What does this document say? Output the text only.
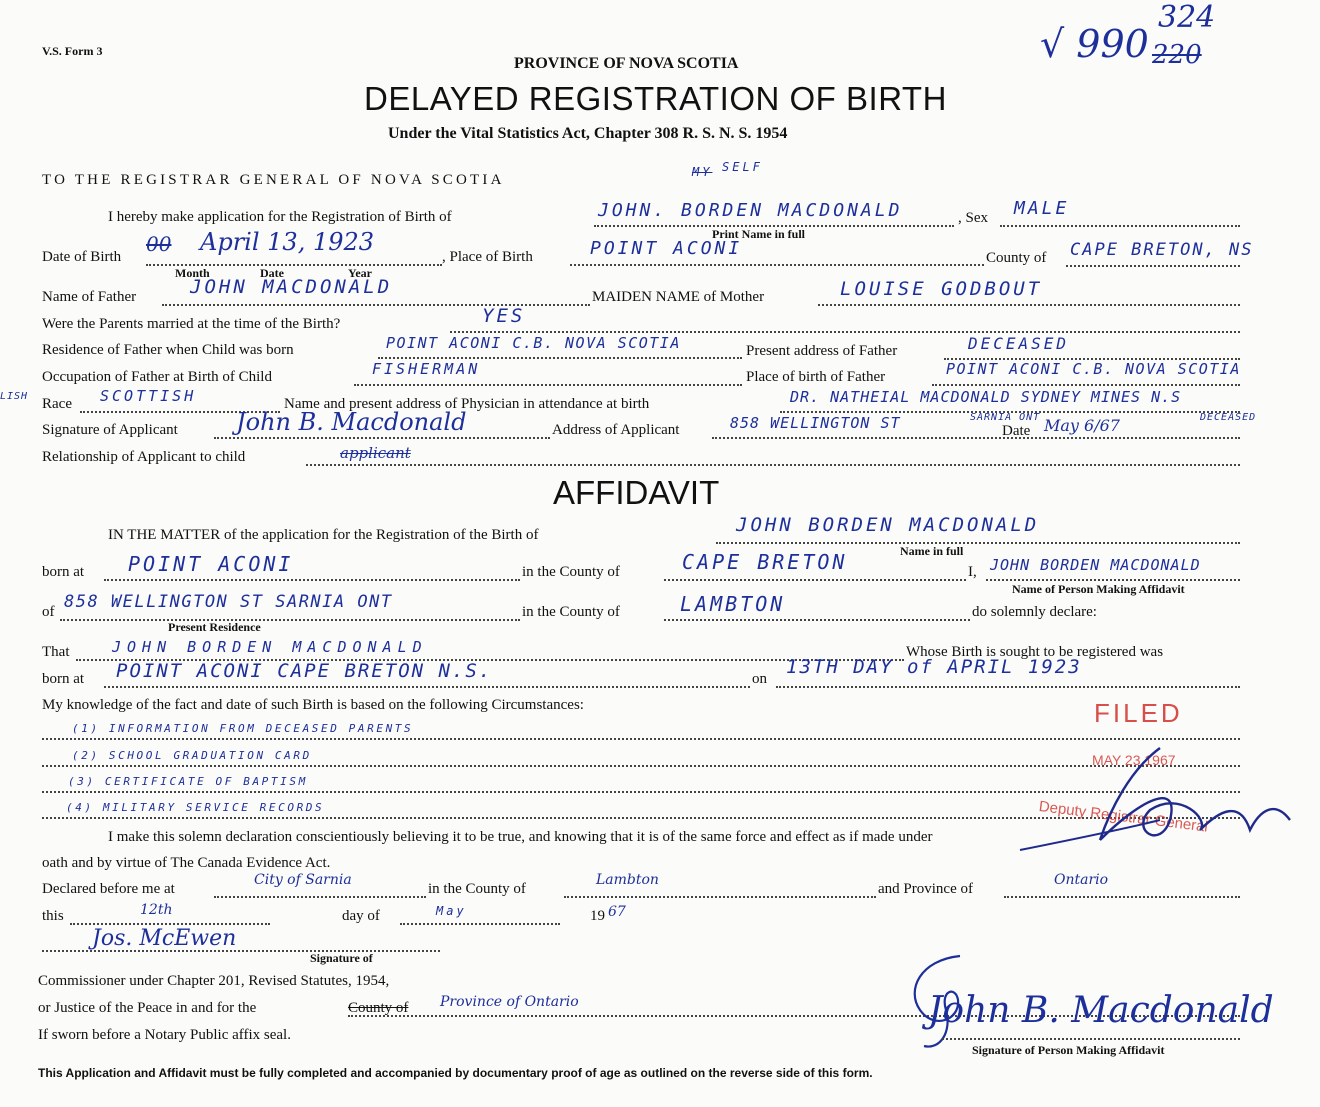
V.S. Form 3
PROVINCE OF NOVA SCOTIA
DELAYED REGISTRATION OF BIRTH
Under the Vital Statistics Act, Chapter 308 R. S. N. S. 1954
√ 990 220
324
TO THE REGISTRAR GENERAL OF NOVA SCOTIA	MY SELF
I hereby make application for the Registration of Birth of	JOHN. BORDEN MACDONALD
Print Name in full
, Sex MALE
Date of Birth
00 April 13, 1923
Month	Date	Year
, Place of Birth	POINT ACONI	County of CAPE BRETON, NS
Name of Father	JOHN MACDONALD	MAIDEN NAME of Mother	LOUISE GODBOUT
Were the Parents married at the time of the Birth?	YES
Residence of Father when Child was born	POINT ACONI C.B. NOVA SCOTIA	Present address of Father	DECEASED
Occupation of Father at Birth of Child	FISHERMAN	Place of birth of Father	POINT ACONI C.B. NOVA SCOTIA
LISH Race SCOTTISH	Name and present address of Physician in attendance at birth	DR. NATHEIAL MACDONALD SYDNEY MINES N.S
DECEASED
Signature of Applicant John B. Macdonald	Address of Applicant	858 WELLINGTON ST	SARNIA ONT
Date May 6/67
Relationship of Applicant to child	applicant
AFFIDAVIT
IN THE MATTER of the application for the Registration of the Birth of	JOHN BORDEN MACDONALD
Name in full
born at POINT ACONI	in the County of	CAPE BRETON	I, JOHN BORDEN MACDONALD
Name of Person Making Affidavit
of 858 WELLINGTON ST SARNIA ONT
Present Residence
in the County of	LAMBTON	do solemnly declare:
That	JOHN BORDEN MACDONALD	Whose Birth is sought to be registered was
born at POINT ACONI CAPE BRETON N.S.	on
13TH DAY of APRIL 1923
My knowledge of the fact and date of such Birth is based on the following Circumstances:
(1) INFORMATION FROM DECEASED PARENTS
(2) SCHOOL GRADUATION CARD
(3) CERTIFICATE OF BAPTISM
(4) MILITARY SERVICE RECORDS
FILED
MAY 23 1967
Deputy Registrar General
I make this solemn declaration conscientiously believing it to be true, and knowing that it is of the same force and effect as if made under
oath and by virtue of The Canada Evidence Act.
Declared before me at
City of Sarnia
in the County of
Lambton
and Province of
Ontario
this	12th	day of	May	19 67
Jos. McEwen
Signature of
Commissioner under Chapter 201, Revised Statutes, 1954,
or Justice of the Peace in and for the	County of Province of Ontario
If sworn before a Notary Public affix seal.
John B. Macdonald
Signature of Person Making Affidavit
This Application and Affidavit must be fully completed and accompanied by documentary proof of age as outlined on the reverse side of this form.
